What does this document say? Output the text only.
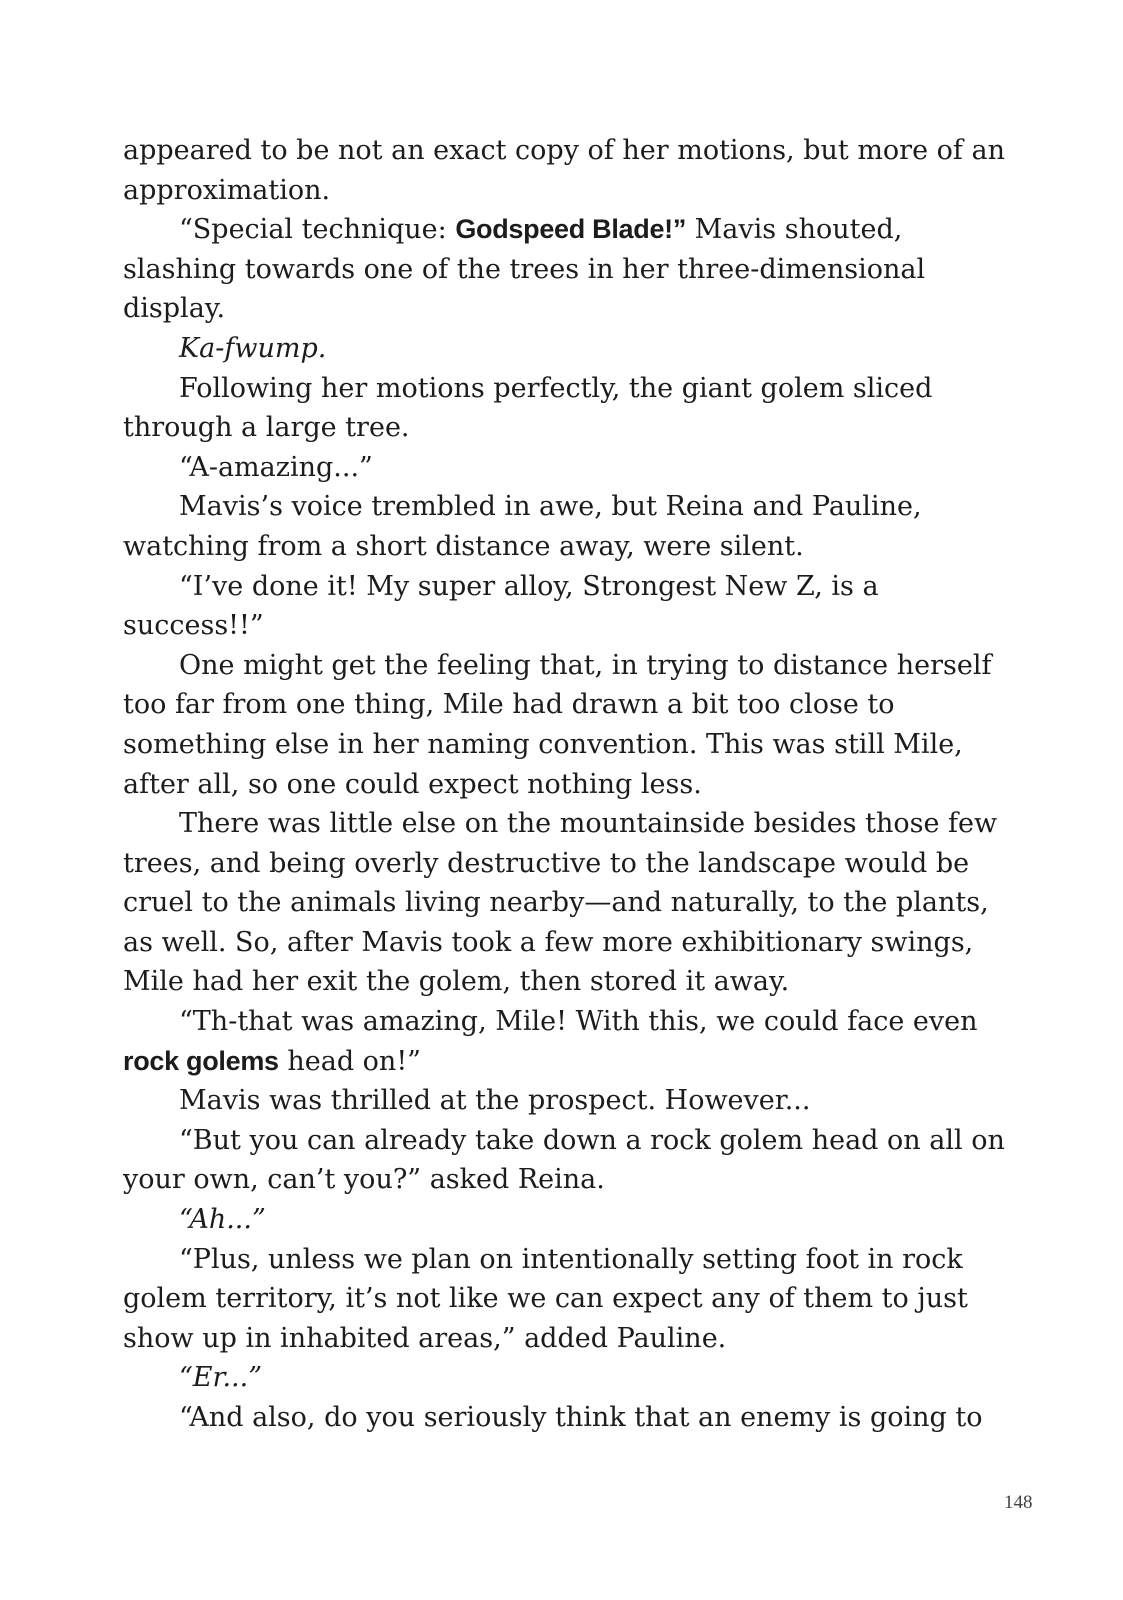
appeared to be not an exact copy of her motions, but more of an approximation.

“Special technique: Godspeed Blade!” Mavis shouted, slashing towards one of the trees in her three-dimensional display.

Ka-fwump.

Following her motions perfectly, the giant golem sliced through a large tree.

“A-amazing...”

Mavis’s voice trembled in awe, but Reina and Pauline, watching from a short distance away, were silent.

“I’ve done it! My super alloy, Strongest New Z, is a success!!”

One might get the feeling that, in trying to distance herself too far from one thing, Mile had drawn a bit too close to something else in her naming convention. This was still Mile, after all, so one could expect nothing less.

There was little else on the mountainside besides those few trees, and being overly destructive to the landscape would be cruel to the animals living nearby—and naturally, to the plants, as well. So, after Mavis took a few more exhibitionary swings, Mile had her exit the golem, then stored it away.

“Th-that was amazing, Mile! With this, we could face even rock golems head on!”

Mavis was thrilled at the prospect. However...

“But you can already take down a rock golem head on all on your own, can’t you?” asked Reina.

“Ah...”

“Plus, unless we plan on intentionally setting foot in rock golem territory, it’s not like we can expect any of them to just show up in inhabited areas,” added Pauline.

“Er...”

“And also, do you seriously think that an enemy is going to

148
